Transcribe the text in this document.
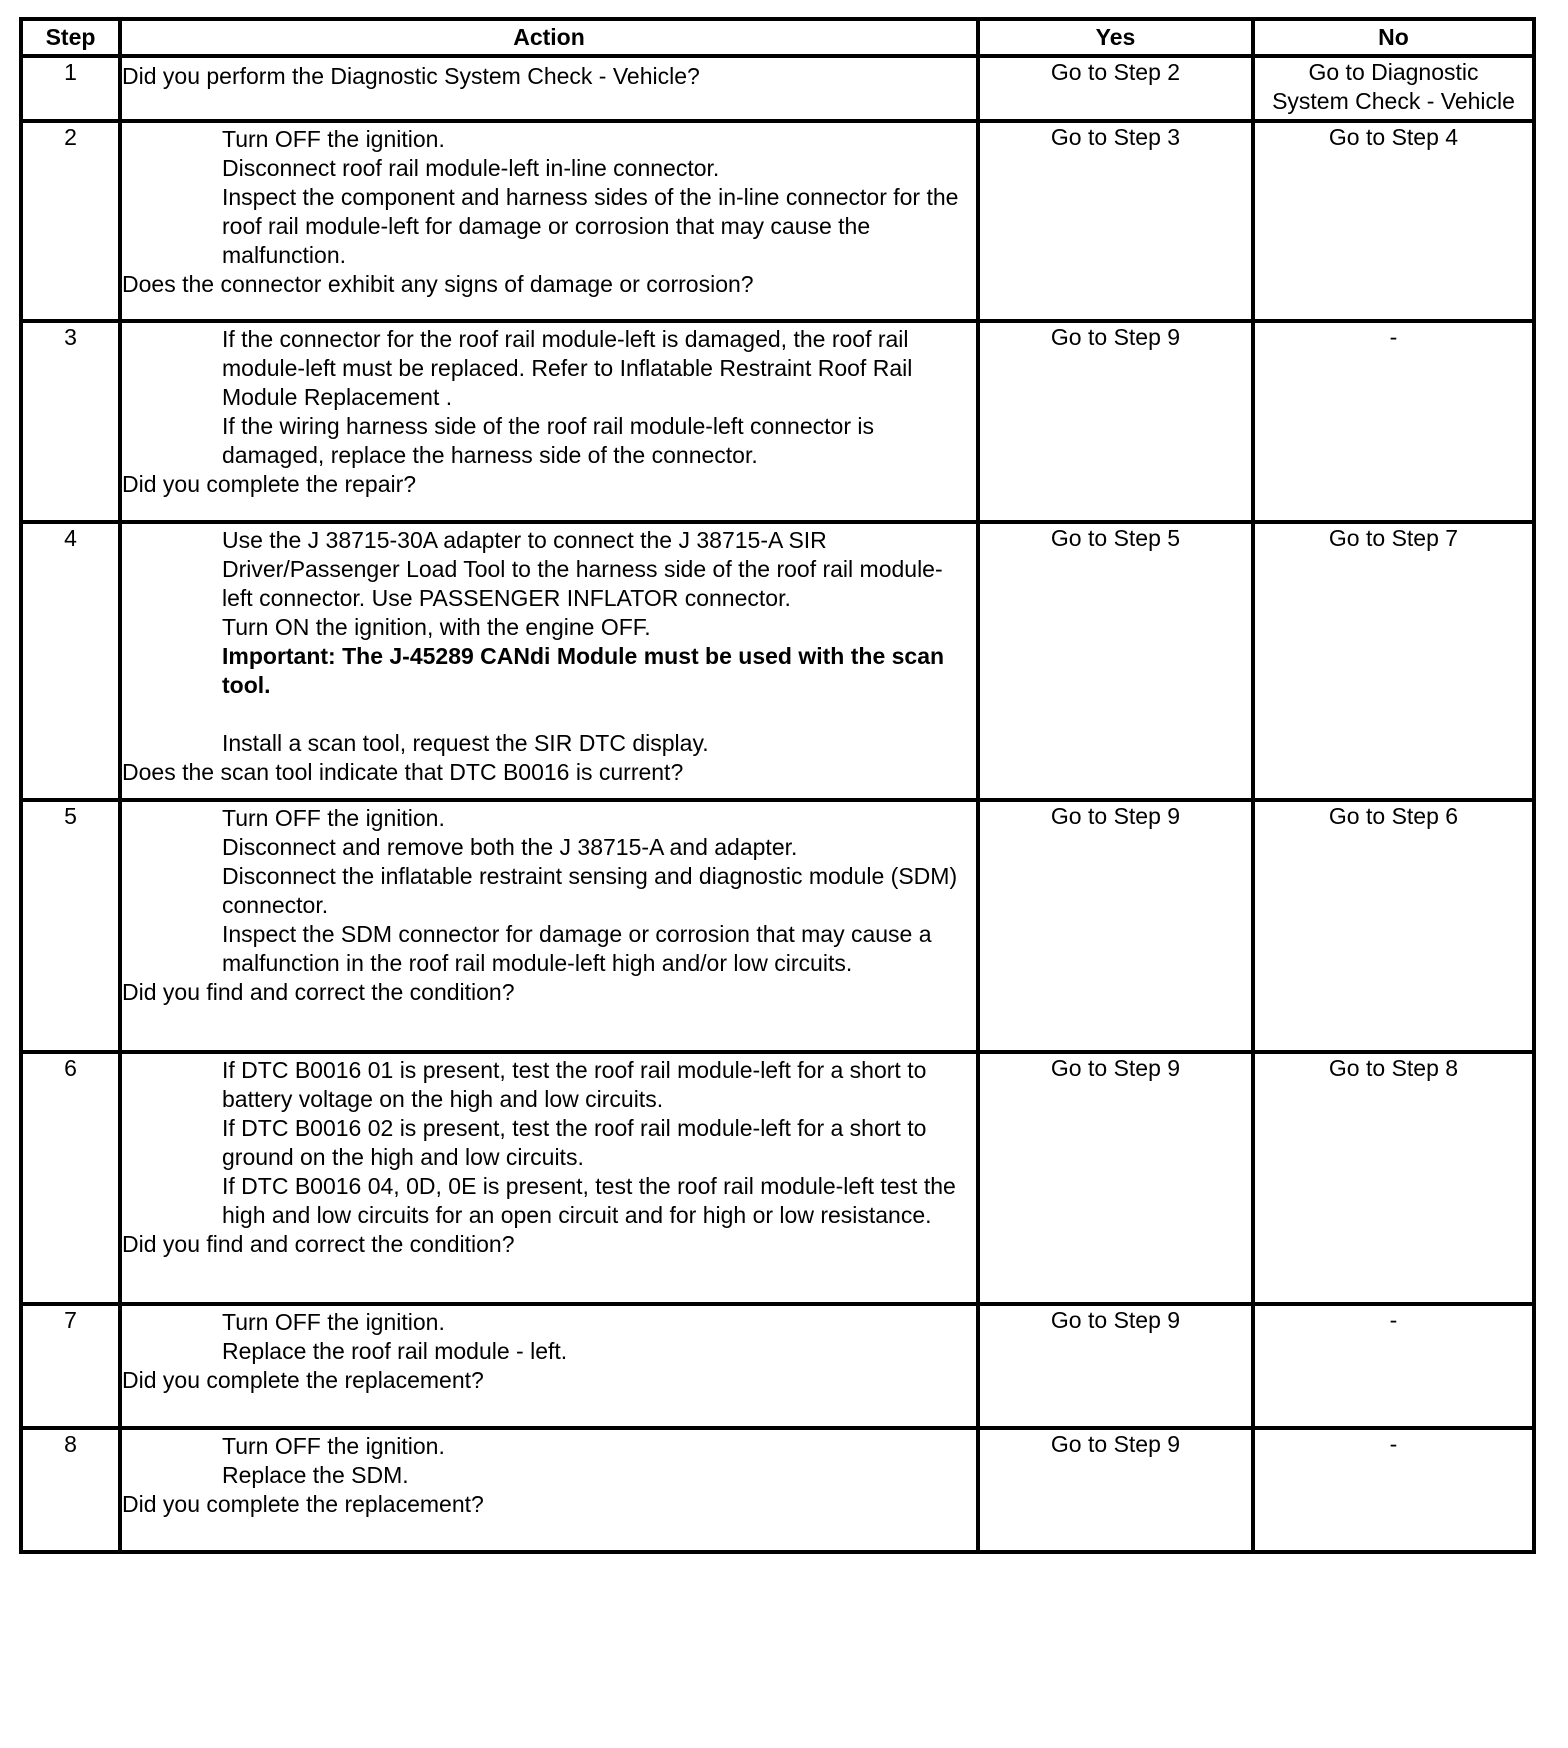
Step	Action	Yes	No
1	Did you perform the Diagnostic System Check - Vehicle?	Go to Step 2	Go to Diagnostic
System Check - Vehicle
2	Turn OFF the ignition.
Disconnect roof rail module-left in-line connector.
Inspect the component and harness sides of the in-line connector for the roof rail module-left for damage or corrosion that may cause the malfunction.
Does the connector exhibit any signs of damage or corrosion?	Go to Step 3	Go to Step 4
3	If the connector for the roof rail module-left is damaged, the roof rail module-left must be replaced. Refer to Inflatable Restraint Roof Rail Module Replacement .
If the wiring harness side of the roof rail module-left connector is damaged, replace the harness side of the connector.
Did you complete the repair?	Go to Step 9	-
4	Use the J 38715-30A adapter to connect the J 38715-A SIR Driver/Passenger Load Tool to the harness side of the roof rail module-left connector. Use PASSENGER INFLATOR connector.
Turn ON the ignition, with the engine OFF.
Important: The J-45289 CANdi Module must be used with the scan tool.
Install a scan tool, request the SIR DTC display.
Does the scan tool indicate that DTC B0016 is current?	Go to Step 5	Go to Step 7
5	Turn OFF the ignition.
Disconnect and remove both the J 38715-A and adapter.
Disconnect the inflatable restraint sensing and diagnostic module (SDM) connector.
Inspect the SDM connector for damage or corrosion that may cause a malfunction in the roof rail module-left high and/or low circuits.
Did you find and correct the condition?	Go to Step 9	Go to Step 6
6	If DTC B0016 01 is present, test the roof rail module-left for a short to battery voltage on the high and low circuits.
If DTC B0016 02 is present, test the roof rail module-left for a short to ground on the high and low circuits.
If DTC B0016 04, 0D, 0E is present, test the roof rail module-left test the high and low circuits for an open circuit and for high or low resistance.
Did you find and correct the condition?	Go to Step 9	Go to Step 8
7	Turn OFF the ignition.
Replace the roof rail module - left.
Did you complete the replacement?	Go to Step 9	-
8	Turn OFF the ignition.
Replace the SDM.
Did you complete the replacement?	Go to Step 9	-
